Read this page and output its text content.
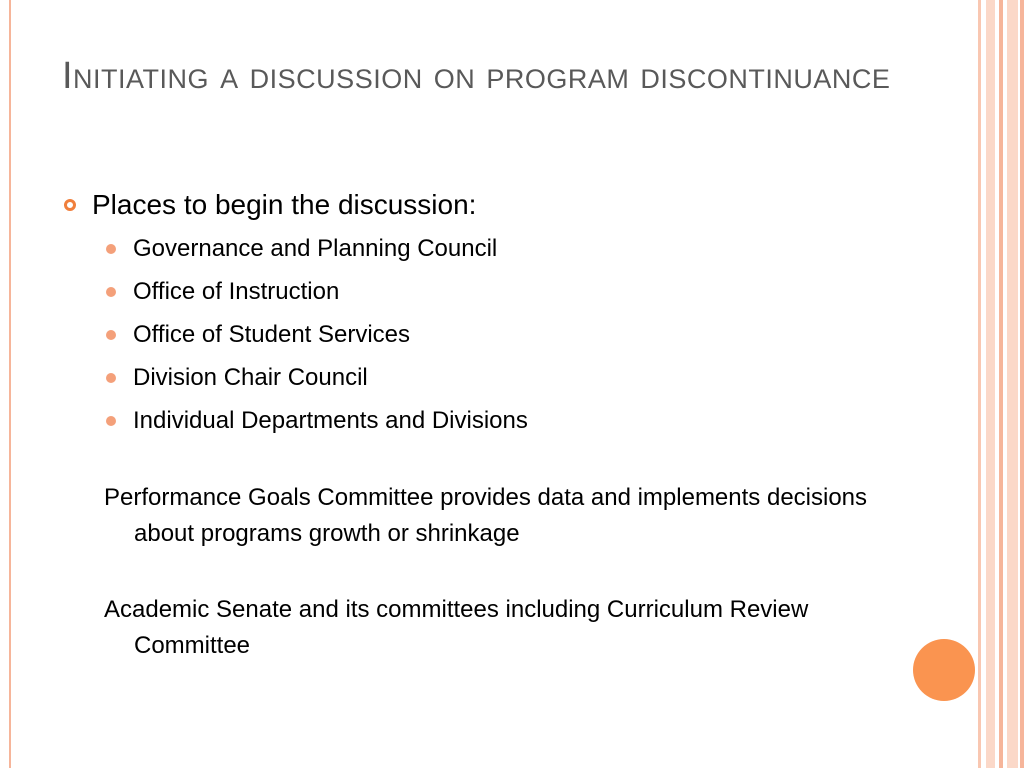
Initiating a discussion on program discontinuance
Places to begin the discussion:
Governance and Planning Council
Office of Instruction
Office of Student Services
Division Chair Council
Individual Departments and Divisions
Performance Goals Committee provides data and implements decisions about programs growth or shrinkage
Academic Senate and its committees including Curriculum Review Committee
